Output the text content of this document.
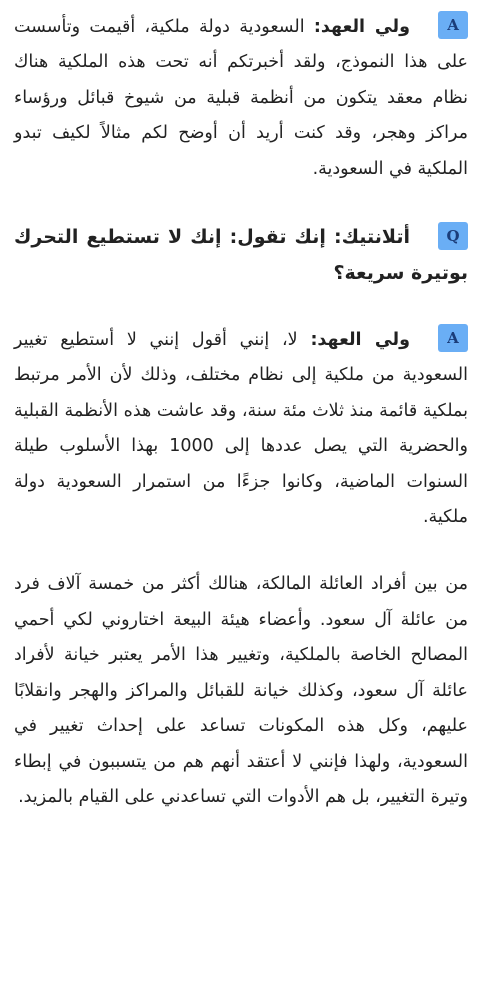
Aولي العهد: السعودية دولة ملكية، أقيمت وتأسست على هذا النموذج، ولقد أخبرتكم أنه تحت هذه الملكية هناك نظام معقد يتكون من أنظمة قبلية من شيوخ قبائل ورؤساء مراكز وهجر، وقد كنت أريد أن أوضح لكم مثالاً لكيف تبدو الملكية في السعودية.

Qأتلانتيك: إنك تقول: إنك لا تستطيع التحرك بوتيرة سريعة؟

Aولي العهد: لا، إنني أقول إنني لا أستطيع تغيير السعودية من ملكية إلى نظام مختلف، وذلك لأن الأمر مرتبط بملكية قائمة منذ ثلاث مئة سنة، وقد عاشت هذه الأنظمة القبلية والحضرية التي يصل عددها إلى 1000 بهذا الأسلوب طيلة السنوات الماضية، وكانوا جزءًا من استمرار السعودية دولة ملكية.

من بين أفراد العائلة المالكة، هنالك أكثر من خمسة آلاف فرد من عائلة آل سعود. وأعضاء هيئة البيعة اختاروني لكي أحمي المصالح الخاصة بالملكية، وتغيير هذا الأمر يعتبر خيانة لأفراد عائلة آل سعود، وكذلك خيانة للقبائل والمراكز والهجر وانقلابًا عليهم، وكل هذه المكونات تساعد على إحداث تغيير في السعودية، ولهذا فإنني لا أعتقد أنهم هم من يتسببون في إبطاء وتيرة التغيير، بل هم الأدوات التي تساعدني على القيام بالمزيد.
